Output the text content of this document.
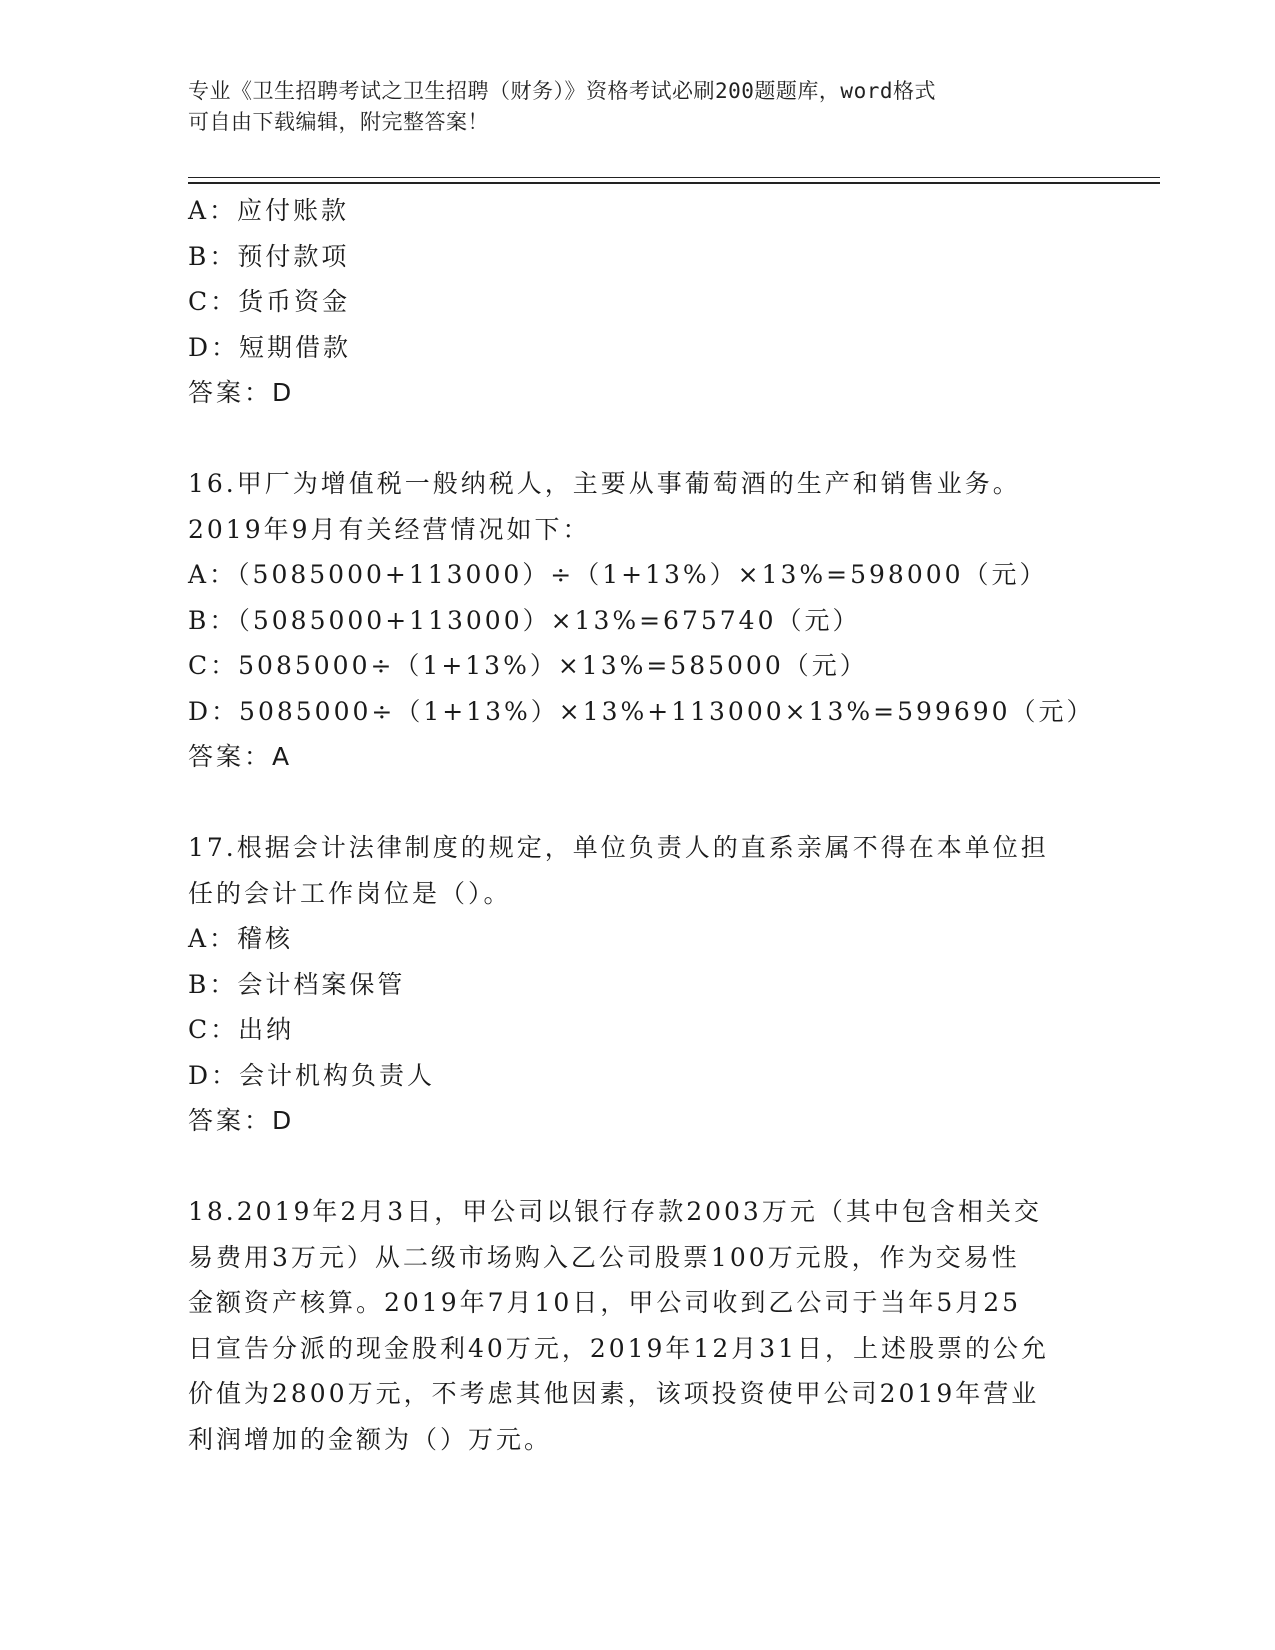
专业《卫生招聘考试之卫生招聘（财务）》资格考试必刷200题题库，word格式
可自由下载编辑，附完整答案！
A：应付账款
B：预付款项
C：货币资金
D：短期借款
答案：D
16.甲厂为增值税一般纳税人，主要从事葡萄酒的生产和销售业务。
2019年9月有关经营情况如下：
A：（5085000+113000）÷（1+13%）×13%=598000（元）
B：（5085000+113000）×13%=675740（元）
C：5085000÷（1+13%）×13%=585000（元）
D：5085000÷（1+13%）×13%+113000×13%=599690（元）
答案：A
17.根据会计法律制度的规定，单位负责人的直系亲属不得在本单位担
任的会计工作岗位是（）。
A：稽核
B：会计档案保管
C：出纳
D：会计机构负责人
答案：D
18.2019年2月3日，甲公司以银行存款2003万元（其中包含相关交
易费用3万元）从二级市场购入乙公司股票100万元股，作为交易性
金额资产核算。2019年7月10日，甲公司收到乙公司于当年5月25
日宣告分派的现金股利40万元，2019年12月31日，上述股票的公允
价值为2800万元，不考虑其他因素，该项投资使甲公司2019年营业
利润增加的金额为（）万元。
